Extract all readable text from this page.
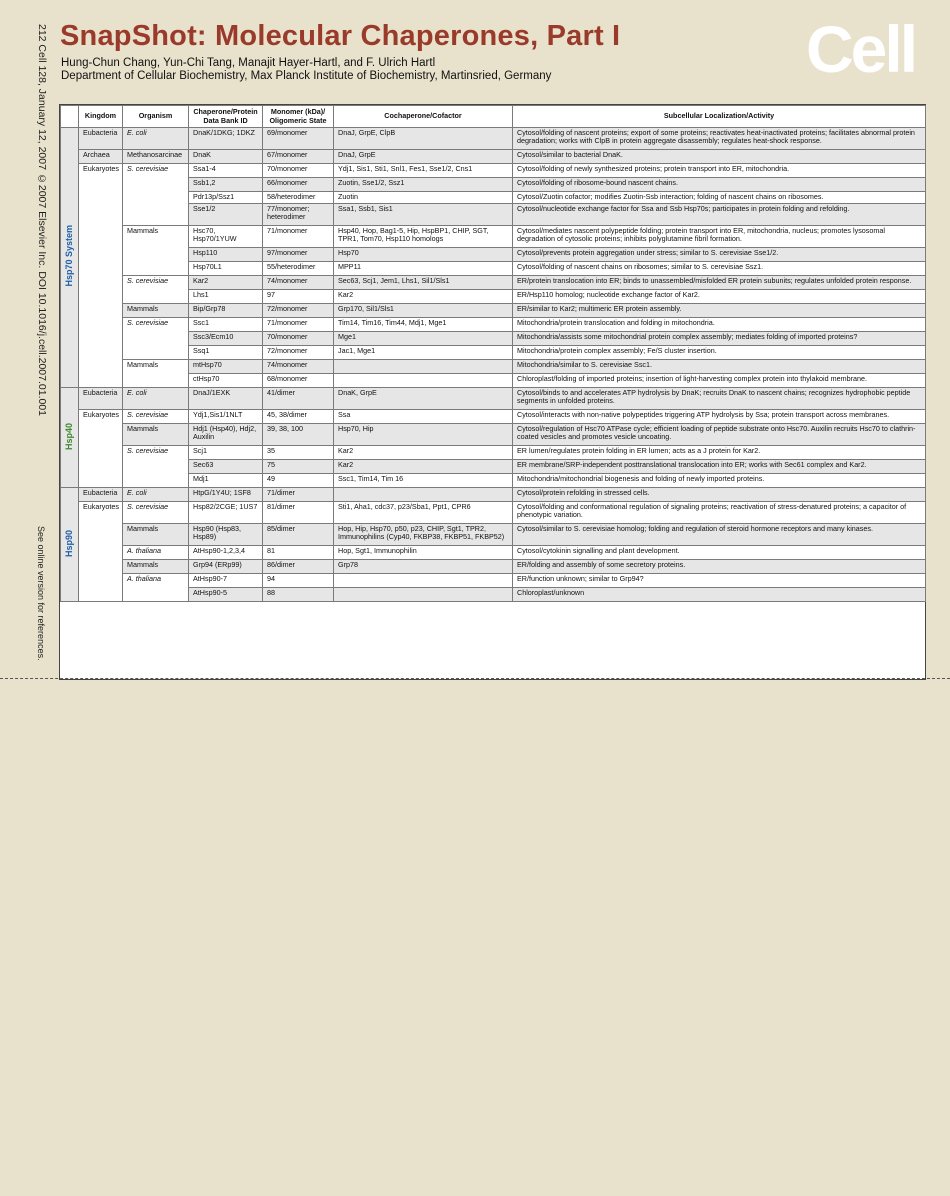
212 Cell 128, January 12, 2007 ©2007 Elsevier Inc. DOI 10.1016/j.cell.2007.01.001
See online version for references.
SnapShot: Molecular Chaperones, Part I
Hung-Chun Chang, Yun-Chi Tang, Manajit Hayer-Hartl, and F. Ulrich Hartl
Department of Cellular Biochemistry, Max Planck Institute of Biochemistry, Martinsried, Germany	Cell
	Kingdom	Organism	Chaperone/Protein Data Bank ID	Monomer (kDa)/ Oligomeric State	Cochaperone/Cofactor	Subcellular Localization/Activity
Hsp70 System	Eubacteria	E. coli	DnaK/1DKG; 1DKZ	69/monomer	DnaJ, GrpE, ClpB	Cytosol/folding of nascent proteins; export of some proteins; reactivates heat-inactivated proteins; facilitates abnormal protein degradation; works with ClpB in protein aggregate disassembly; regulates heat-shock response.
	Archaea	Methanosarcinae	DnaK	67/monomer	DnaJ, GrpE	Cytosol/similar to bacterial DnaK.
	Eukaryotes	S. cerevisiae	Ssa1-4	70/monomer	Ydj1, Sis1, Sti1, Snl1, Fes1, Sse1/2, Cns1	Cytosol/folding of newly synthesized proteins; protein transport into ER, mitochondria.
			Ssb1,2	66/monomer	Zuotin, Sse1/2, Ssz1	Cytosol/folding of ribosome-bound nascent chains.
			Pdr13p/Ssz1	58/heterodimer	Zuotin	Cytosol/Zuotin cofactor; modifies Zuotin-Ssb interaction; folding of nascent chains on ribosomes.
			Sse1/2	77/monomer; heterodimer	Ssa1, Ssb1, Sis1	Cytosol/nucleotide exchange factor for Ssa and Ssb Hsp70s; participates in protein folding and refolding.
		Mammals	Hsc70, Hsp70/1YUW	71/monomer	Hsp40, Hop, Bag1-5, Hip, HspBP1, CHIP, SGT, TPR1, Tom70, Hsp110 homologs	Cytosol/mediates nascent polypeptide folding; protein transport into ER, mitochondria, nucleus; promotes lysosomal degradation of cytosolic proteins; inhibits polyglutamine fibril formation.
			Hsp110	97/monomer	Hsp70	Cytosol/prevents protein aggregation under stress; similar to S. cerevisiae Sse1/2.
			Hsp70L1	55/heterodimer	MPP11	Cytosol/folding of nascent chains on ribosomes; similar to S. cerevisiae Ssz1.
		S. cerevisiae	Kar2	74/monomer	Sec63, Scj1, Jem1, Lhs1, Sil1/Sls1	ER/protein translocation into ER; binds to unassembled/misfolded ER protein subunits; regulates unfolded protein response.
			Lhs1	97	Kar2	ER/Hsp110 homolog; nucleotide exchange factor of Kar2.
		Mammals	Bip/Grp78	72/monomer	Grp170, Sil1/Sls1	ER/similar to Kar2; multimeric ER protein assembly.
		S. cerevisiae	Ssc1	71/monomer	Tim14, Tim16, Tim44, Mdj1, Mge1	Mitochondria/protein translocation and folding in mitochondria.
			Ssc3/Ecm10	70/monomer	Mge1	Mitochondria/assists some mitochondrial protein complex assembly; mediates folding of imported proteins?
			Ssq1	72/monomer	Jac1, Mge1	Mitochondria/protein complex assembly; Fe/S cluster insertion.
		Mammals	mtHsp70	74/monomer		Mitochondria/similar to S. cerevisiae Ssc1.
			ctHsp70	68/monomer		Chloroplast/folding of imported proteins; insertion of light-harvesting complex protein into thylakoid membrane.
Hsp40	Eubacteria	E. coli	DnaJ/1EXK	41/dimer	DnaK, GrpE	Cytosol/binds to and accelerates ATP hydrolysis by DnaK; recruits DnaK to nascent chains; recognizes hydrophobic peptide segments in unfolded proteins.
	Eukaryotes	S. cerevisiae	Ydj1,Sis1/1NLT	45, 38/dimer	Ssa	Cytosol/interacts with non-native polypeptides triggering ATP hydrolysis by Ssa; protein transport across membranes.
		Mammals	Hdj1 (Hsp40), Hdj2, Auxilin	39, 38, 100	Hsp70, Hip	Cytosol/regulation of Hsc70 ATPase cycle; efficient loading of peptide substrate onto Hsc70. Auxilin recruits Hsc70 to clathrin-coated vesicles and promotes vesicle uncoating.
		S. cerevisiae	Scj1	35	Kar2	ER lumen/regulates protein folding in ER lumen; acts as a J protein for Kar2.
			Sec63	75	Kar2	ER membrane/SRP-independent posttranslational translocation into ER; works with Sec61 complex and Kar2.
			Mdj1	49	Ssc1, Tim14, Tim 16	Mitochondria/mitochondrial biogenesis and folding of newly imported proteins.
Hsp90	Eubacteria	E. coli	HtpG/1Y4U; 1SF8	71/dimer		Cytosol/protein refolding in stressed cells.
	Eukaryotes	S. cerevisiae	Hsp82/2CGE; 1US7	81/dimer	Sti1, Aha1, cdc37, p23/Sba1, Ppt1, CPR6	Cytosol/folding and conformational regulation of signaling proteins; reactivation of stress-denatured proteins; a capacitor of phenotypic variation.
		Mammals	Hsp90 (Hsp83, Hsp89)	85/dimer	Hop, Hip, Hsp70, p50, p23, CHIP, Sgt1, TPR2, Immunophilins (Cyp40, FKBP38, FKBP51, FKBP52)	Cytosol/similar to S. cerevisiae homolog; folding and regulation of steroid hormone receptors and many kinases.
		A. thaliana	AtHsp90-1,2,3,4	81	Hop, Sgt1, Immunophilin	Cytosol/cytokinin signalling and plant development.
		Mammals	Grp94 (ERp99)	86/dimer	Grp78	ER/folding and assembly of some secretory proteins.
		A. thaliana	AtHsp90-7	94		ER/function unknown; similar to Grp94?
			AtHsp90-5	88		Chloroplast/unknown
